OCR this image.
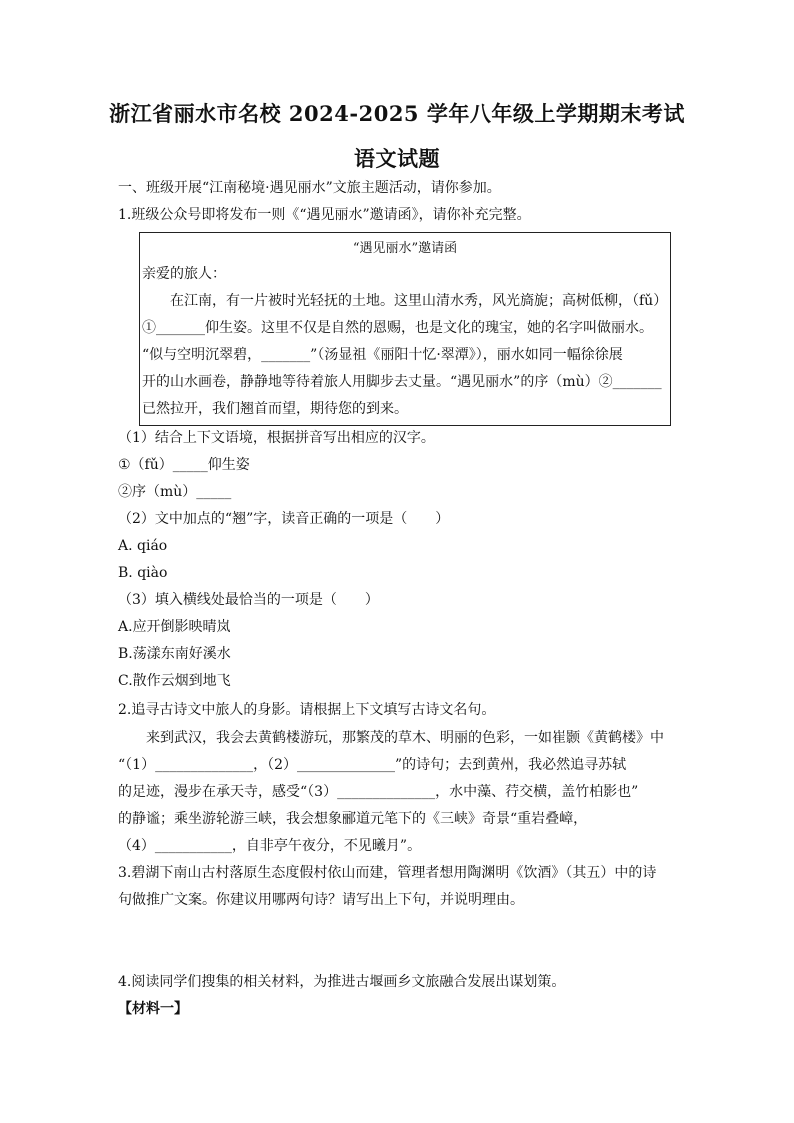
浙江省丽水市名校 2024-2025 学年八年级上学期期末考试
语文试题
一、班级开展“江南秘境·遇见丽水”文旅主题活动，请你参加。
1.班级公众号即将发布一则《“遇见丽水”邀请函》，请你补充完整。
“遇见丽水”邀请函
亲爱的旅人：
　　在江南，有一片被时光轻抚的土地。这里山清水秀，风光旖旎；高树低柳，（fǔ）
①_______仰生姿。这里不仅是自然的恩赐，也是文化的瑰宝，她的名字叫做丽水。
“似与空明沉翠碧，_______”（汤显祖《丽阳十忆·翠潭》），丽水如同一幅徐徐展
开的山水画卷，静静地等待着旅人用脚步去丈量。“遇见丽水”的序（mù）②_______
已然拉开，我们翘首而望，期待您的到来。
（1）结合上下文语境，根据拼音写出相应的汉字。
①（fǔ）_____仰生姿
②序（mù）_____
（2）文中加点的“翘”字，读音正确的一项是（　　）
A. qiáo
B. qiào
（3）填入横线处最恰当的一项是（　　）
A.应开倒影映晴岚
B.荡漾东南好溪水
C.散作云烟到地飞
2.追寻古诗文中旅人的身影。请根据上下文填写古诗文名句。
　　来到武汉，我会去黄鹤楼游玩，那繁茂的草木、明丽的色彩，一如崔颢《黄鹤楼》中
“（1）______________，（2）______________”的诗句；去到黄州，我必然追寻苏轼
的足迹，漫步在承天寺，感受“（3）______________，水中藻、荇交横，盖竹柏影也”
的静谧；乘坐游轮游三峡，我会想象郦道元笔下的《三峡》奇景“重岩叠嶂，
（4）___________，自非亭午夜分，不见曦月”。
3.碧湖下南山古村落原生态度假村依山而建，管理者想用陶渊明《饮酒》（其五）中的诗
句做推广文案。你建议用哪两句诗？请写出上下句，并说明理由。
4.阅读同学们搜集的相关材料，为推进古堰画乡文旅融合发展出谋划策。
【材料一】
